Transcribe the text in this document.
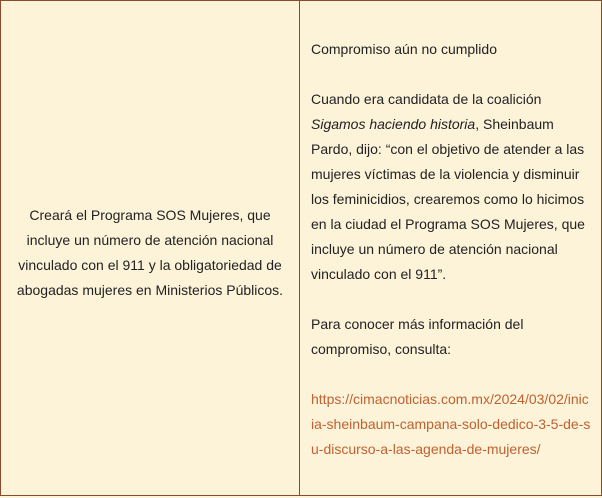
Creará el Programa SOS Mujeres, que incluye un número de atención nacional vinculado con el 911 y la obligatoriedad de abogadas mujeres en Ministerios Públicos.

Compromiso aún no cumplido

Cuando era candidata de la coalición Sigamos haciendo historia, Sheinbaum Pardo, dijo: “con el objetivo de atender a las mujeres víctimas de la violencia y disminuir los feminicidios, crearemos como lo hicimos en la ciudad el Programa SOS Mujeres, que incluye un número de atención nacional vinculado con el 911”.

Para conocer más información del compromiso, consulta:

https://cimacnoticias.com.mx/2024/03/02/inicia-sheinbaum-campana-solo-dedico-3-5-de-su-discurso-a-las-agenda-de-mujeres/
